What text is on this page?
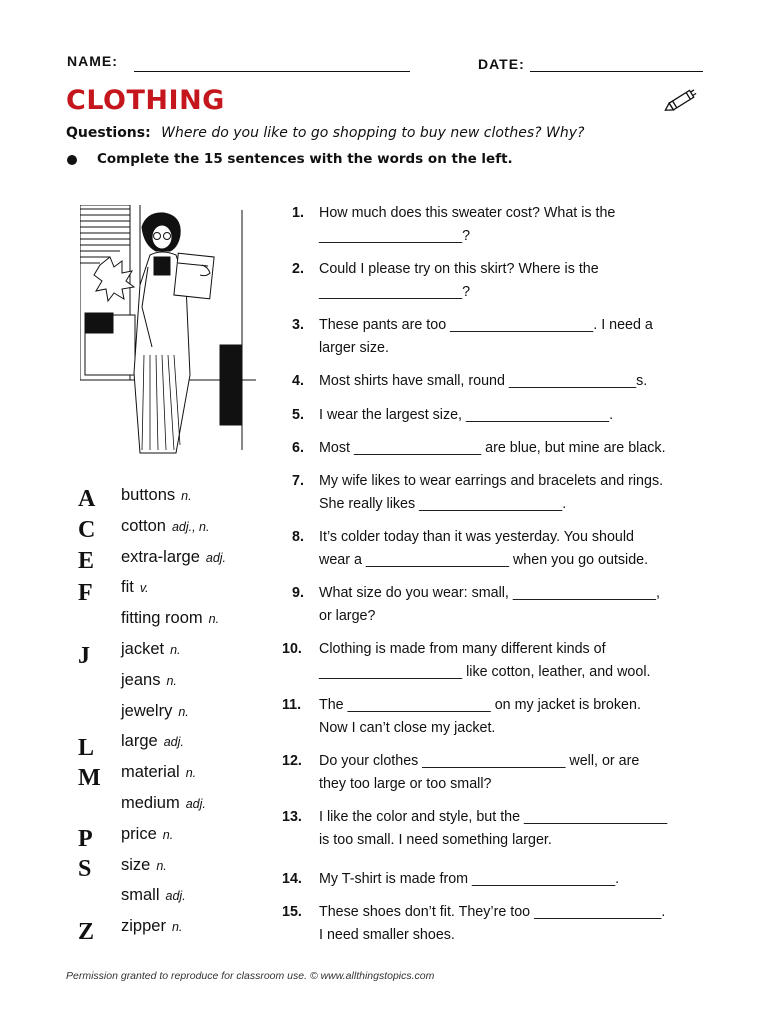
NAME:	DATE:
CLOTHING
Questions: Where do you like to go shopping to buy new clothes? Why?
Complete the 15 sentences with the words on the left.
A
C
E
F
J
L
M
P
S
Z
buttons n.
cotton adj., n.
extra-large adj.
fit v.
fitting room n.
jacket n.
jeans n.
jewelry n.
large adj.
material n.
medium adj.
price n.
size n.
small adj.
zipper n.
1. How much does this sweater cost? What is the
__________________?
2. Could I please try on this skirt? Where is the
__________________?
3. These pants are too __________________. I need a
larger size.
4. Most shirts have small, round ________________s.
5. I wear the largest size, __________________.
6. Most ________________ are blue, but mine are black.
7. My wife likes to wear earrings and bracelets and rings.
She really likes __________________.
8. It’s colder today than it was yesterday. You should
wear a __________________ when you go outside.
9. What size do you wear: small, __________________,
or large?
10. Clothing is made from many different kinds of
__________________ like cotton, leather, and wool.
11. The __________________ on my jacket is broken.
Now I can’t close my jacket.
12. Do your clothes __________________ well, or are
they too large or too small?
13. I like the color and style, but the __________________
is too small. I need something larger.
14. My T-shirt is made from __________________.
15. These shoes don’t fit. They’re too ________________.
I need smaller shoes.
Permission granted to reproduce for classroom use. © www.allthingstopics.com
